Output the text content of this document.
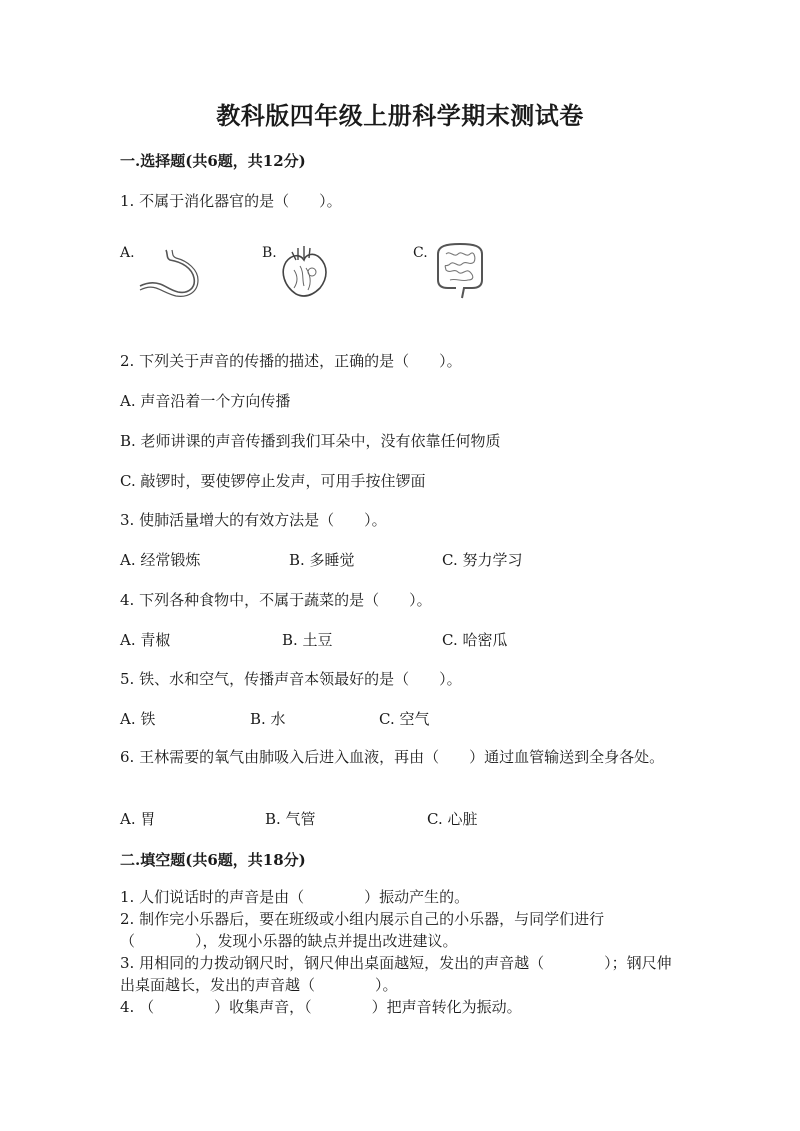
教科版四年级上册科学期末测试卷
一.选择题(共6题，共12分)
1. 不属于消化器官的是（　　）。
A.	B.	C.
2. 下列关于声音的传播的描述，正确的是（　　）。
A. 声音沿着一个方向传播
B. 老师讲课的声音传播到我们耳朵中，没有依靠任何物质
C. 敲锣时，要使锣停止发声，可用手按住锣面
3. 使肺活量增大的有效方法是（　　）。
A. 经常锻炼	B. 多睡觉	C. 努力学习
4. 下列各种食物中，不属于蔬菜的是（　　）。
A. 青椒	B. 土豆	C. 哈密瓜
5. 铁、水和空气，传播声音本领最好的是（　　）。
A. 铁	B. 水	C. 空气
6. 王林需要的氧气由肺吸入后进入血液，再由（　　）通过血管输送到全身各处。
A. 胃	B. 气管	C. 心脏
二.填空题(共6题，共18分)
1. 人们说话时的声音是由（　　　　）振动产生的。
2. 制作完小乐器后，要在班级或小组内展示自己的小乐器，与同学们进行（　　　　），发现小乐器的缺点并提出改进建议。
3. 用相同的力拨动钢尺时，钢尺伸出桌面越短，发出的声音越（　　　　）；钢尺伸出桌面越长，发出的声音越（　　　　）。
4. （　　　　）收集声音，（　　　　）把声音转化为振动。
